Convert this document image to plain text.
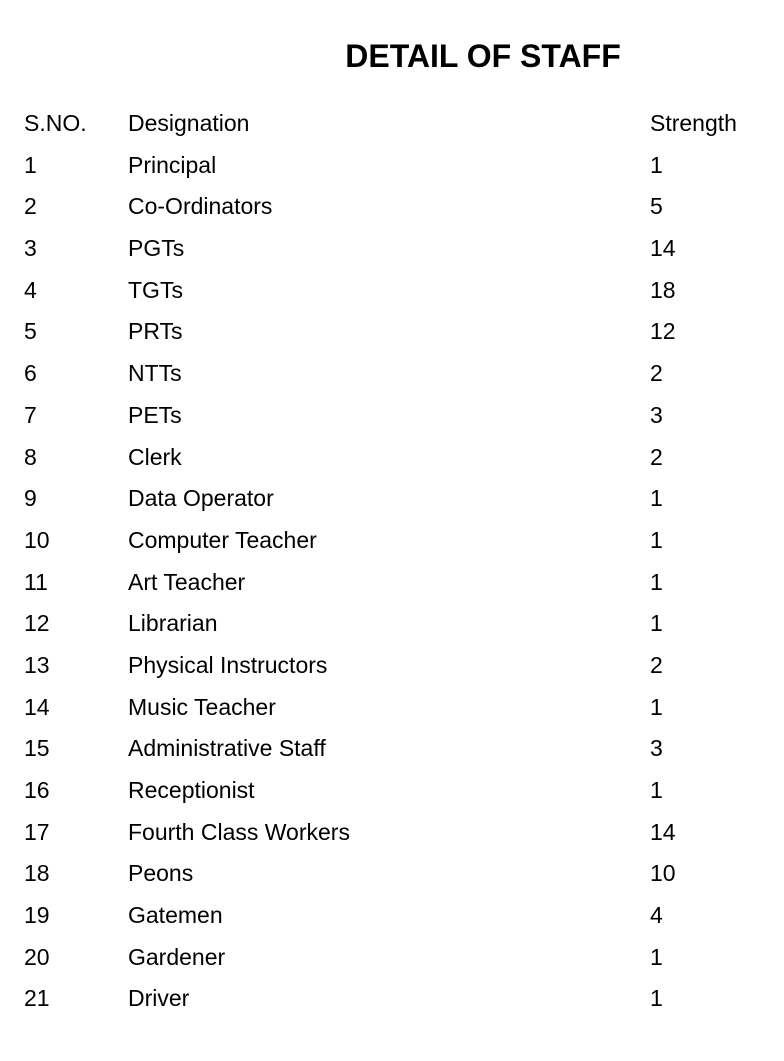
DETAIL OF STAFF
S.NO. Designation	Strength
1	Principal	1
2	Co-Ordinators	5
3	PGTs	14
4	TGTs	18
5	PRTs	12
6	NTTs	2
7	PETs	3
8	Clerk	2
9	Data Operator	1
10	Computer Teacher	1
11	Art Teacher	1
12	Librarian	1
13	Physical Instructors	2
14	Music Teacher	1
15	Administrative Staff	3
16	Receptionist	1
17	Fourth Class Workers	14
18	Peons	10
19	Gatemen	4
20	Gardener	1
21	Driver	1
